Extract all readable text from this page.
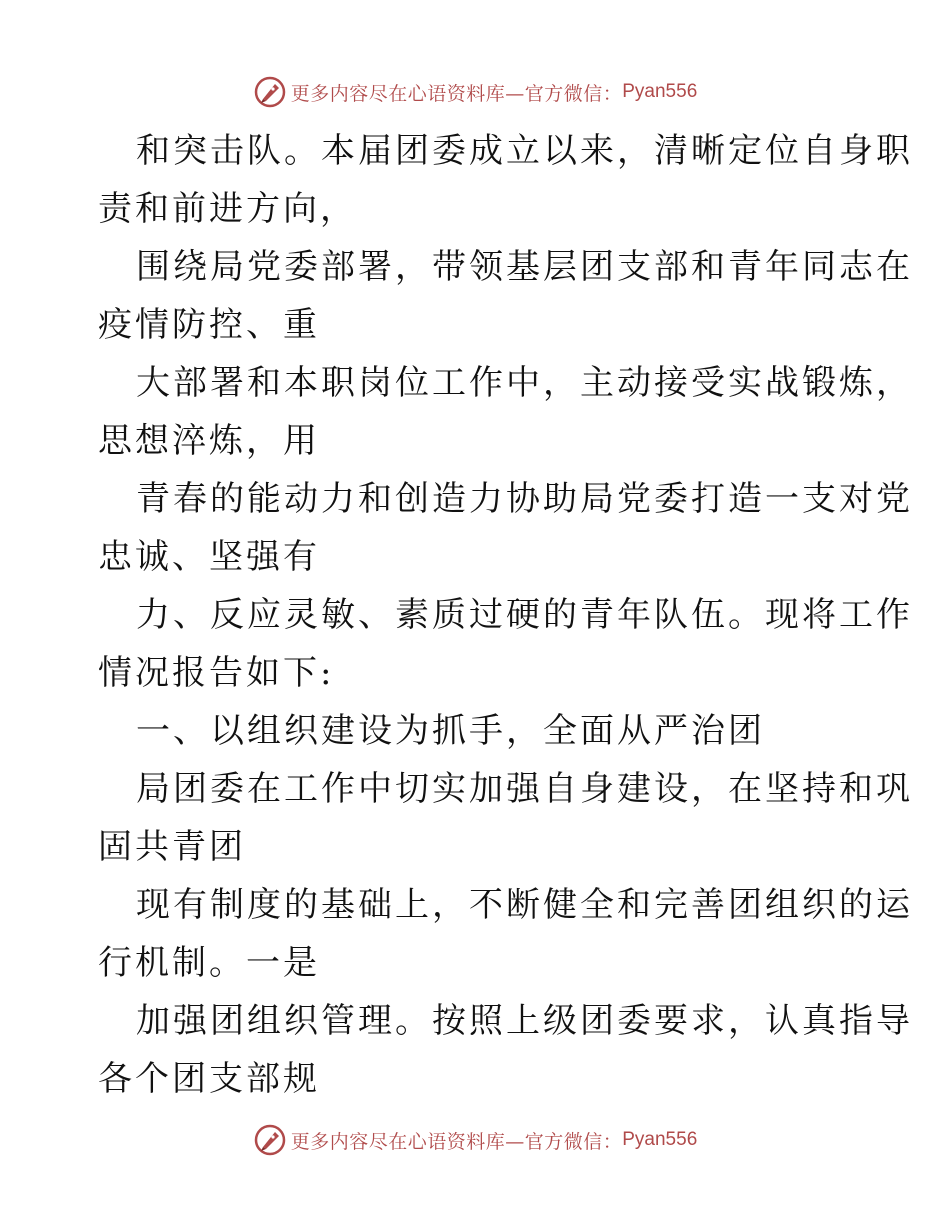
更多内容尽在心语资料库—官方微信： Pyan556
和突击队。本届团委成立以来，清晰定位自身职
责和前进方向，
围绕局党委部署，带领基层团支部和青年同志在
疫情防控、重
大部署和本职岗位工作中，主动接受实战锻炼，
思想淬炼，用
青春的能动力和创造力协助局党委打造一支对党
忠诚、坚强有
力、反应灵敏、素质过硬的青年队伍。现将工作
情况报告如下:
一、以组织建设为抓手，全面从严治团
局团委在工作中切实加强自身建设，在坚持和巩
固共青团
现有制度的基础上，不断健全和完善团组织的运
行机制。一是
加强团组织管理。按照上级团委要求，认真指导
各个团支部规
更多内容尽在心语资料库—官方微信： Pyan556
